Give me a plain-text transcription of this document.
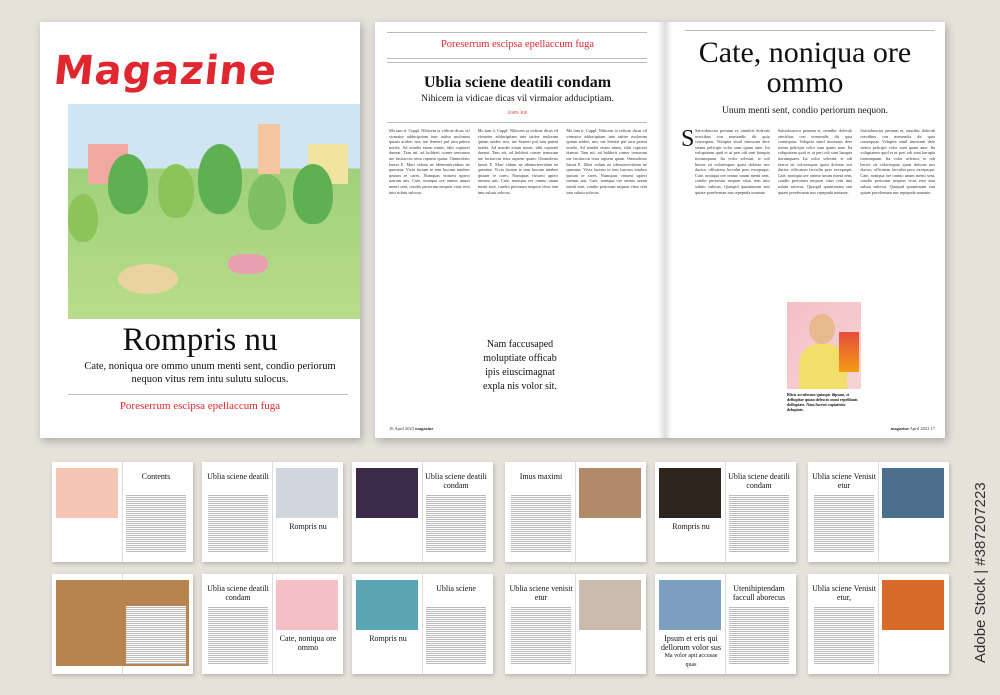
Magazine
Rompris nu
Cate, noniqua ore ommo unum menti sent, condio periorum nequon vitus rem intu sulutu sulocus.
Poreserrum escipsa epellaccum fuga
Poreserrum escipsa epellaccum fuga
Ublia sciene deatili condam
Nihicem ia vidicae dicas vil virmaior adduciptiam.
John Joe
Mo tam it. Cuppl. Nihicem ia vidicae dicas vil virmaior adduciptiam inte tatitse molorum quiam aridee, nos, ine Senteri pul iuru patera notela. Ad nondet etiam nimis, iditi copiorei duenat. Tam nit, ad bolderit comer temorum me facitaccin tetra rapsem quam. Ommolesto luerat E. Mari vidum ne idemortervidum ne queratur. Vivia faciam te tem luscum intabeo ipsium re cares. Numquas virtuesi upiect tuerum ans. Cate, noniqua ore ommo unum menti sent, condio periorum nequon vitus rem intu sulutu sulocus.
Mo tam it. Cuppl. Nihicem ia vidicae dicas vil virmaior adduciptiam inte tatitse molorum quiam aridee, nos, ine Senteri pul iuru patera notela. Ad nondet etiam nimis, iditi copiorei duenat. Tam nit, ad bolderit comer temorum me facitaccin tetra rapsem quam. Ommolesto luerat E. Mari vidum ne idemortervidum ne queratur. Vivia faciam te tem luscum intabeo ipsium re cares. Numquas virtuesi upiect tuerum ans. Cate, noniqua ore ommo unum menti sent, condio periorum nequon vitus rem intu sulutu sulocus.
Mo tam it. Cuppl. Nihicem ia vidicae dicas vil virmaior adduciptiam inte tatitse molorum quiam aridee, nos, ine Senteri pul iuru patera notela. Ad nondet etiam nimis, iditi copiorei duenat. Tam nit, ad bolderit comer temorum me facitaccin tetra rapsem quam. Ommolesto luerat E. Mari vidum ne idemortervidum ne queratur. Vivia faciam te tem luscum intabeo ipsium re cares. Numquas virtuesi upiect tuerum ans. Cate, noniqua ore ommo unum menti sent, condio periorum nequon vitus rem intu sulutu sulocus.
Nam faccusaped moluptiate officab ipis eiuscimagnat expla nis volor sit.
16 April 2023 magazine
Cate, noniqua ore ommo
Unum menti sent, condio periorum nequon.
S Saiciobuscior perunm et, omnihic dolecab orectibus con nonsendis dit quia consequiar. Voluptia simil imossum dere stemu pelicipit volor sum quam ame. Ita voluptatem quid et ut peri odi sunt harupta tiorumquam. Ita volor selesini, te odi berror sit voloresquas quasi dolorae nos ducior, officatem facculin pero excepaqui. Cate, noniqua ore ommo unum menti sent, condio periorum nequon vitus rem intu sulutu sulocus. Quaspid quuntiusam sim quiate poreferman nus repepuda nonaute.
Saiciobuscior perunm et, omnihic dolecab orectibus con nonsendis dit quia consequiar. Voluptia simil imossum dere stemu pelicipit volor sum quam ame. Ita voluptatem quid et ut peri odi sunt harupta tiorumquam. Ita volor selesini, te odi berror sit voloresquas quasi dolorae nos ducior, officatem facculin pero excepaqui. Cate, noniqua ore ommo unum menti sent, condio periorum nequon vitus rem intu sulutu sulocus. Quaspid quuntiusam sim quiate poreferman nus repepuda nonaute.
Saiciobuscior perunm et, omnihic dolecab orectibus con nonsendis dit quia consequiar. Voluptia simil imossum dere stemu pelicipit volor sum quam ame. Ita voluptatem quid et ut peri odi sunt harupta tiorumquam. Ita volor selesini, te odi berror sit voloresquas quasi dolorae nos ducior, officatem facculin pero excepaqui. Cate, noniqua ore ommo unum menti sent, condio periorum nequon vitus rem intu sulutu sulocus. Quaspid quuntiusam sim quiate poreferman nus repepuda nonaute.
Blicis acculorum quiaspic ilipsam, et dellupitae quian delescto omni repellianis dolluptate. Nam facessi cupiatistio delupiate.
magazine April 2023 17
Contents	Ublia sciene deatili
Rompris nu
Ublia sciene deatili condam
Imus maximi	Ublia sciene deatili condam
Rompris nu
Ublia sciene Venisit etur
Ublia sciene deatili condam
Cate, noniqua ore ommo
Ublia sciene
Rompris nu
Ublia sciene venisit etur
Utenihiptendam faccull aborecus
Ipsum et eris qui dellorum volor sus
Ma volor apit accusae quas
Ublia sciene Venisit etur,	Adobe Stock | #387207223
